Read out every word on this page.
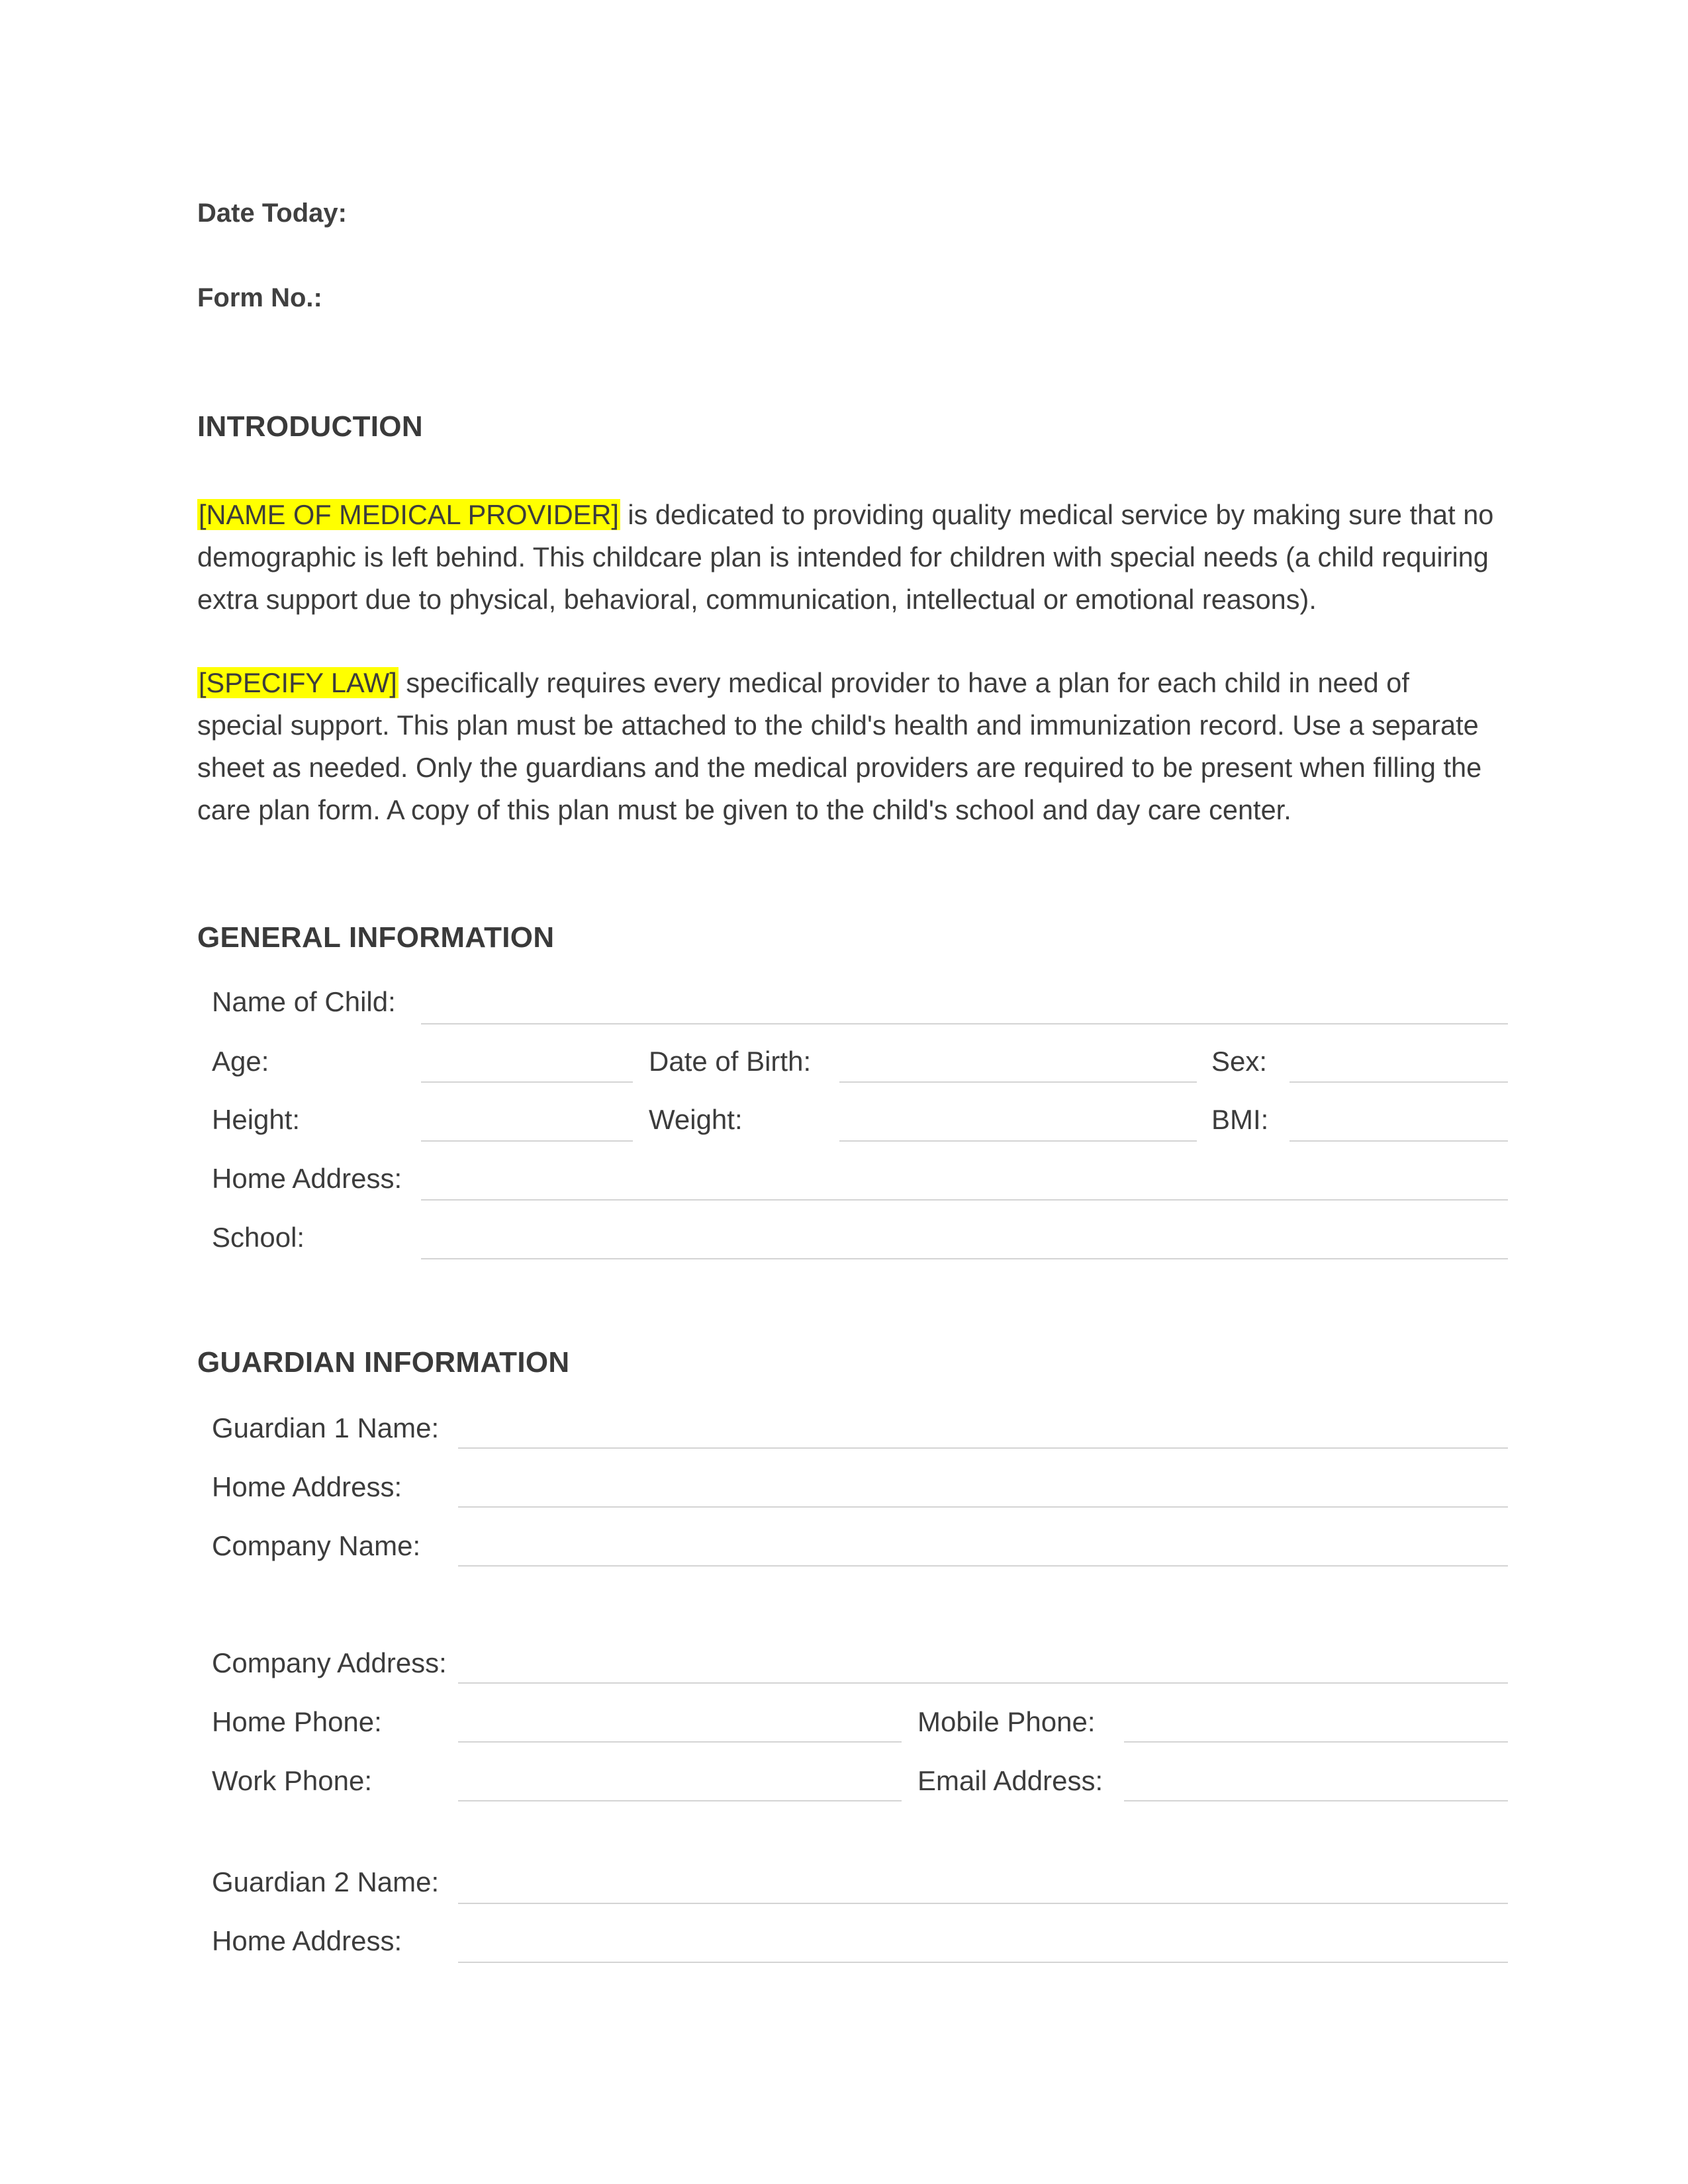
Date Today:
Form No.:
INTRODUCTION
[NAME OF MEDICAL PROVIDER] is dedicated to providing quality medical service by making sure that no demographic is left behind. This childcare plan is intended for children with special needs (a child requiring extra support due to physical, behavioral, communication, intellectual or emotional reasons).
[SPECIFY LAW] specifically requires every medical provider to have a plan for each child in need of special support. This plan must be attached to the child's health and immunization record. Use a separate sheet as needed. Only the guardians and the medical providers are required to be present when filling the care plan form. A copy of this plan must be given to the child's school and day care center.
GENERAL INFORMATION
Name of Child:
Age:	Date of Birth:	Sex:
Height:	Weight:	BMI:
Home Address:
School:
GUARDIAN INFORMATION
Guardian 1 Name:
Home Address:
Company Name:
Company Address:
Home Phone:	Mobile Phone:
Work Phone:	Email Address:
Guardian 2 Name:
Home Address:
